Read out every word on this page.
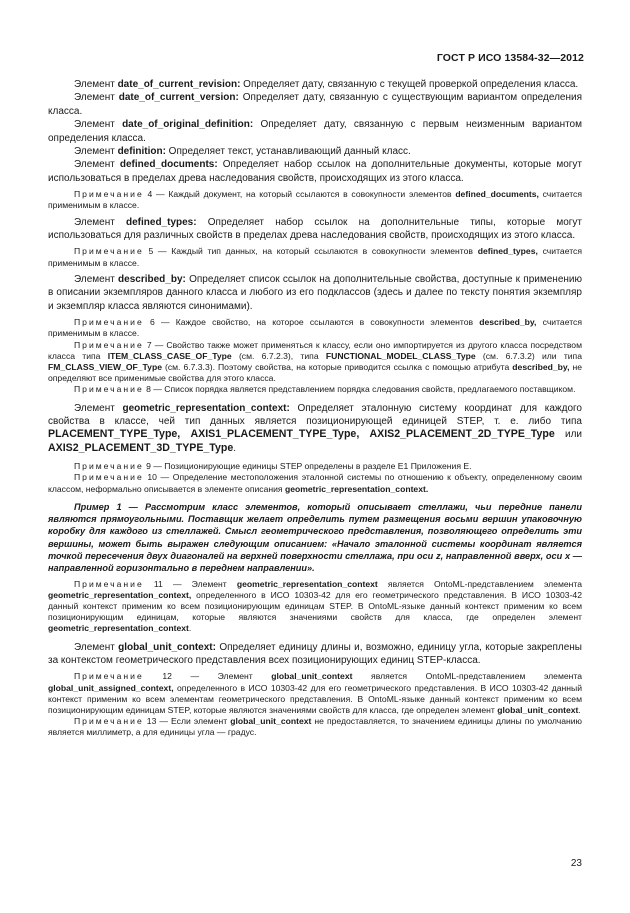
ГОСТ Р ИСО 13584-32—2012

Элемент date_of_current_revision: Определяет дату, связанную с текущей проверкой определения класса.

Элемент date_of_current_version: Определяет дату, связанную с существующим вариантом определения класса.

Элемент date_of_original_definition: Определяет дату, связанную с первым неизменным вариантом определения класса.

Элемент definition: Определяет текст, устанавливающий данный класс.

Элемент defined_documents: Определяет набор ссылок на дополнительные документы, которые могут использоваться в пределах древа наследования свойств, происходящих из этого класса.

Примечание 4 — Каждый документ, на который ссылаются в совокупности элементов defined_documents, считается применимым в классе.

Элемент defined_types: Определяет набор ссылок на дополнительные типы, которые могут использоваться для различных свойств в пределах древа наследования свойств, происходящих из этого класса.

Примечание 5 — Каждый тип данных, на который ссылаются в совокупности элементов defined_types, считается применимым в классе.

Элемент described_by: Определяет список ссылок на дополнительные свойства, доступные к применению в описании экземпляров данного класса и любого из его подклассов (здесь и далее по тексту понятия экземпляр и экземпляр класса являются синонимами).

Примечание 6 — Каждое свойство, на которое ссылаются в совокупности элементов described_by, считается применимым в классе.

Примечание 7 — Свойство также может применяться к классу, если оно импортируется из другого класса посредством класса типа ITEM_CLASS_CASE_OF_Type (см. 6.7.2.3), типа FUNCTIONAL_MODEL_CLASS_Type (см. 6.7.3.2) или типа FM_CLASS_VIEW_OF_Type (см. 6.7.3.3). Поэтому свойства, на которые приводится ссылка с помощью атрибута described_by, не определяют все применимые свойства для этого класса.

Примечание 8 — Список порядка является представлением порядка следования свойств, предлагаемого поставщиком.

Элемент geometric_representation_context: Определяет эталонную систему координат для каждого свойства в классе, чей тип данных является позиционирующей единицей STEP, т. е. либо типа PLACEMENT_TYPE_Type, AXIS1_PLACEMENT_TYPE_Type, AXIS2_PLACEMENT_2D_TYPE_Type или AXIS2_PLACEMENT_3D_TYPE_Type.

Примечание 9 — Позиционирующие единицы STEP определены в разделе Е1 Приложения Е.

Примечание 10 — Определение местоположения эталонной системы по отношению к объекту, определенному своим классом, неформально описывается в элементе описания geometric_representation_context.

Пример 1 — Рассмотрим класс элементов, который описывает стеллажи, чьи передние панели являются прямоугольными. Поставщик желает определить путем размещения восьми вершин упаковочную коробку для каждого из стеллажей. Смысл геометрического представления, позволяющего определить эти вершины, может быть выражен следующим описанием: «Начало эталонной системы координат является точкой пересечения двух диагоналей на верхней поверхности стеллажа, при оси z, направленной вверх, оси x — направленной горизонтально в переднем направлении».

Примечание 11 — Элемент geometric_representation_context является OntoML-представлением элемента geometric_representation_context, определенного в ИСО 10303-42 для его геометрического представления. В ИСО 10303-42 данный контекст применим ко всем позиционирующим единицам STEP. В OntoML-языке данный контекст применим ко всем позиционирующим единицам, которые являются значениями свойств для класса, где определен элемент geometric_representation_context.

Элемент global_unit_context: Определяет единицу длины и, возможно, единицу угла, которые закреплены за контекстом геометрического представления всех позиционирующих единиц STEP-класса.

Примечание 12 — Элемент global_unit_context является OntoML-представлением элемента global_unit_assigned_context, определенного в ИСО 10303-42 для его геометрического представления. В ИСО 10303-42 данный контекст применим ко всем элементам геометрического представления. В OntoML-языке данный контекст применим ко всем позиционирующим единицам STEP, которые являются значениями свойств для класса, где определен элемент global_unit_context.

Примечание 13 — Если элемент global_unit_context не предоставляется, то значением единицы длины по умолчанию является миллиметр, а для единицы угла — градус.

23
